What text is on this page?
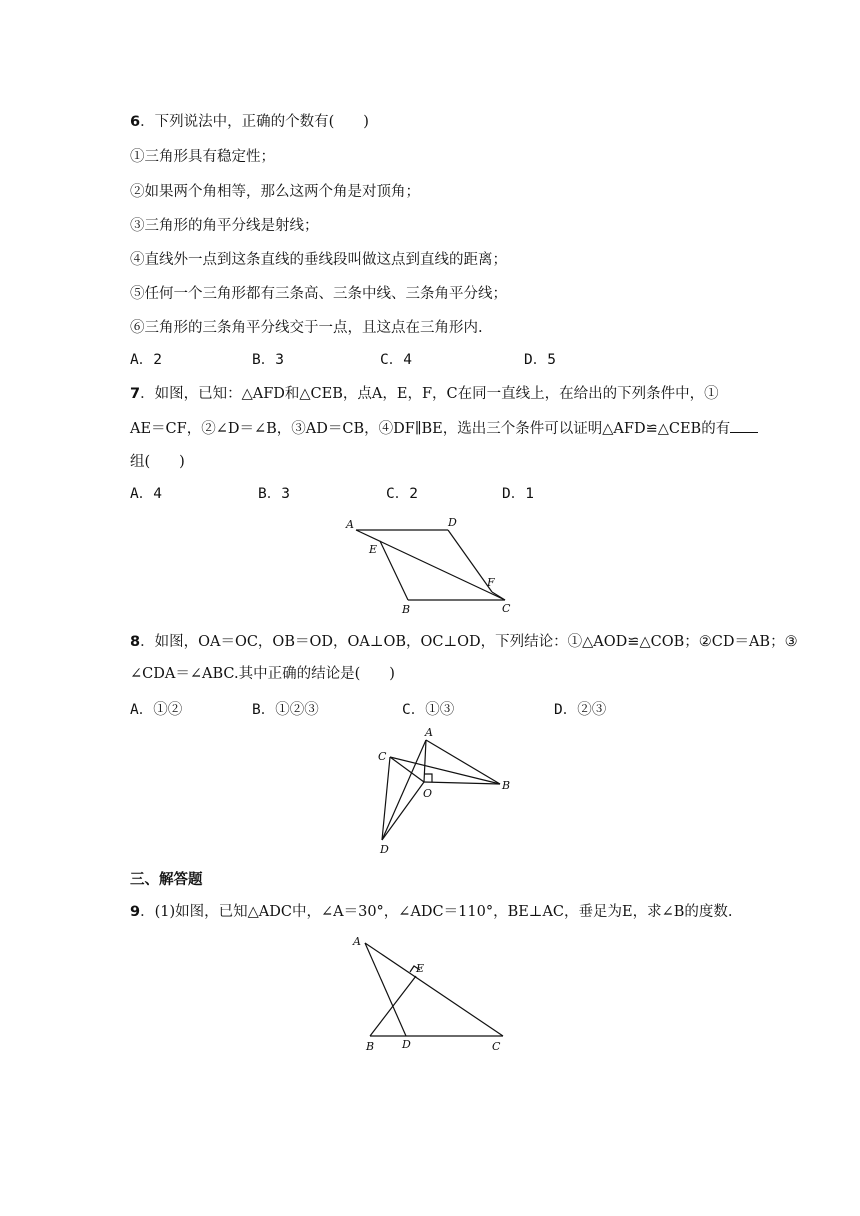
6．下列说法中，正确的个数有(　　)
①三角形具有稳定性；
②如果两个角相等，那么这两个角是对顶角；
③三角形的角平分线是射线；
④直线外一点到这条直线的垂线段叫做这点到直线的距离；
⑤任何一个三角形都有三条高、三条中线、三条角平分线；
⑥三角形的三条角平分线交于一点，且这点在三角形内.
A．2	B．3	C．4	D．5
7．如图，已知：△AFD和△CEB，点A，E，F，C在同一直线上，在给出的下列条件中，①
AE＝CF，②∠D＝∠B，③AD＝CB，④DF∥BE，选出三个条件可以证明△AFD≌△CEB的有
组(　　)
A．4	B．3	C．2	D．1
A	D
E
F
B	C
8．如图，OA＝OC，OB＝OD，OA⊥OB，OC⊥OD，下列结论：①△AOD≌△COB；②CD＝AB；③
∠CDA＝∠ABC.其中正确的结论是(　　)
A．①②	B．①②③	C．①③	D．②③
A
C
B
O
D
三、解答题
9．(1)如图，已知△ADC中，∠A＝30°，∠ADC＝110°，BE⊥AC，垂足为E，求∠B的度数.
A
E
B	D	C
